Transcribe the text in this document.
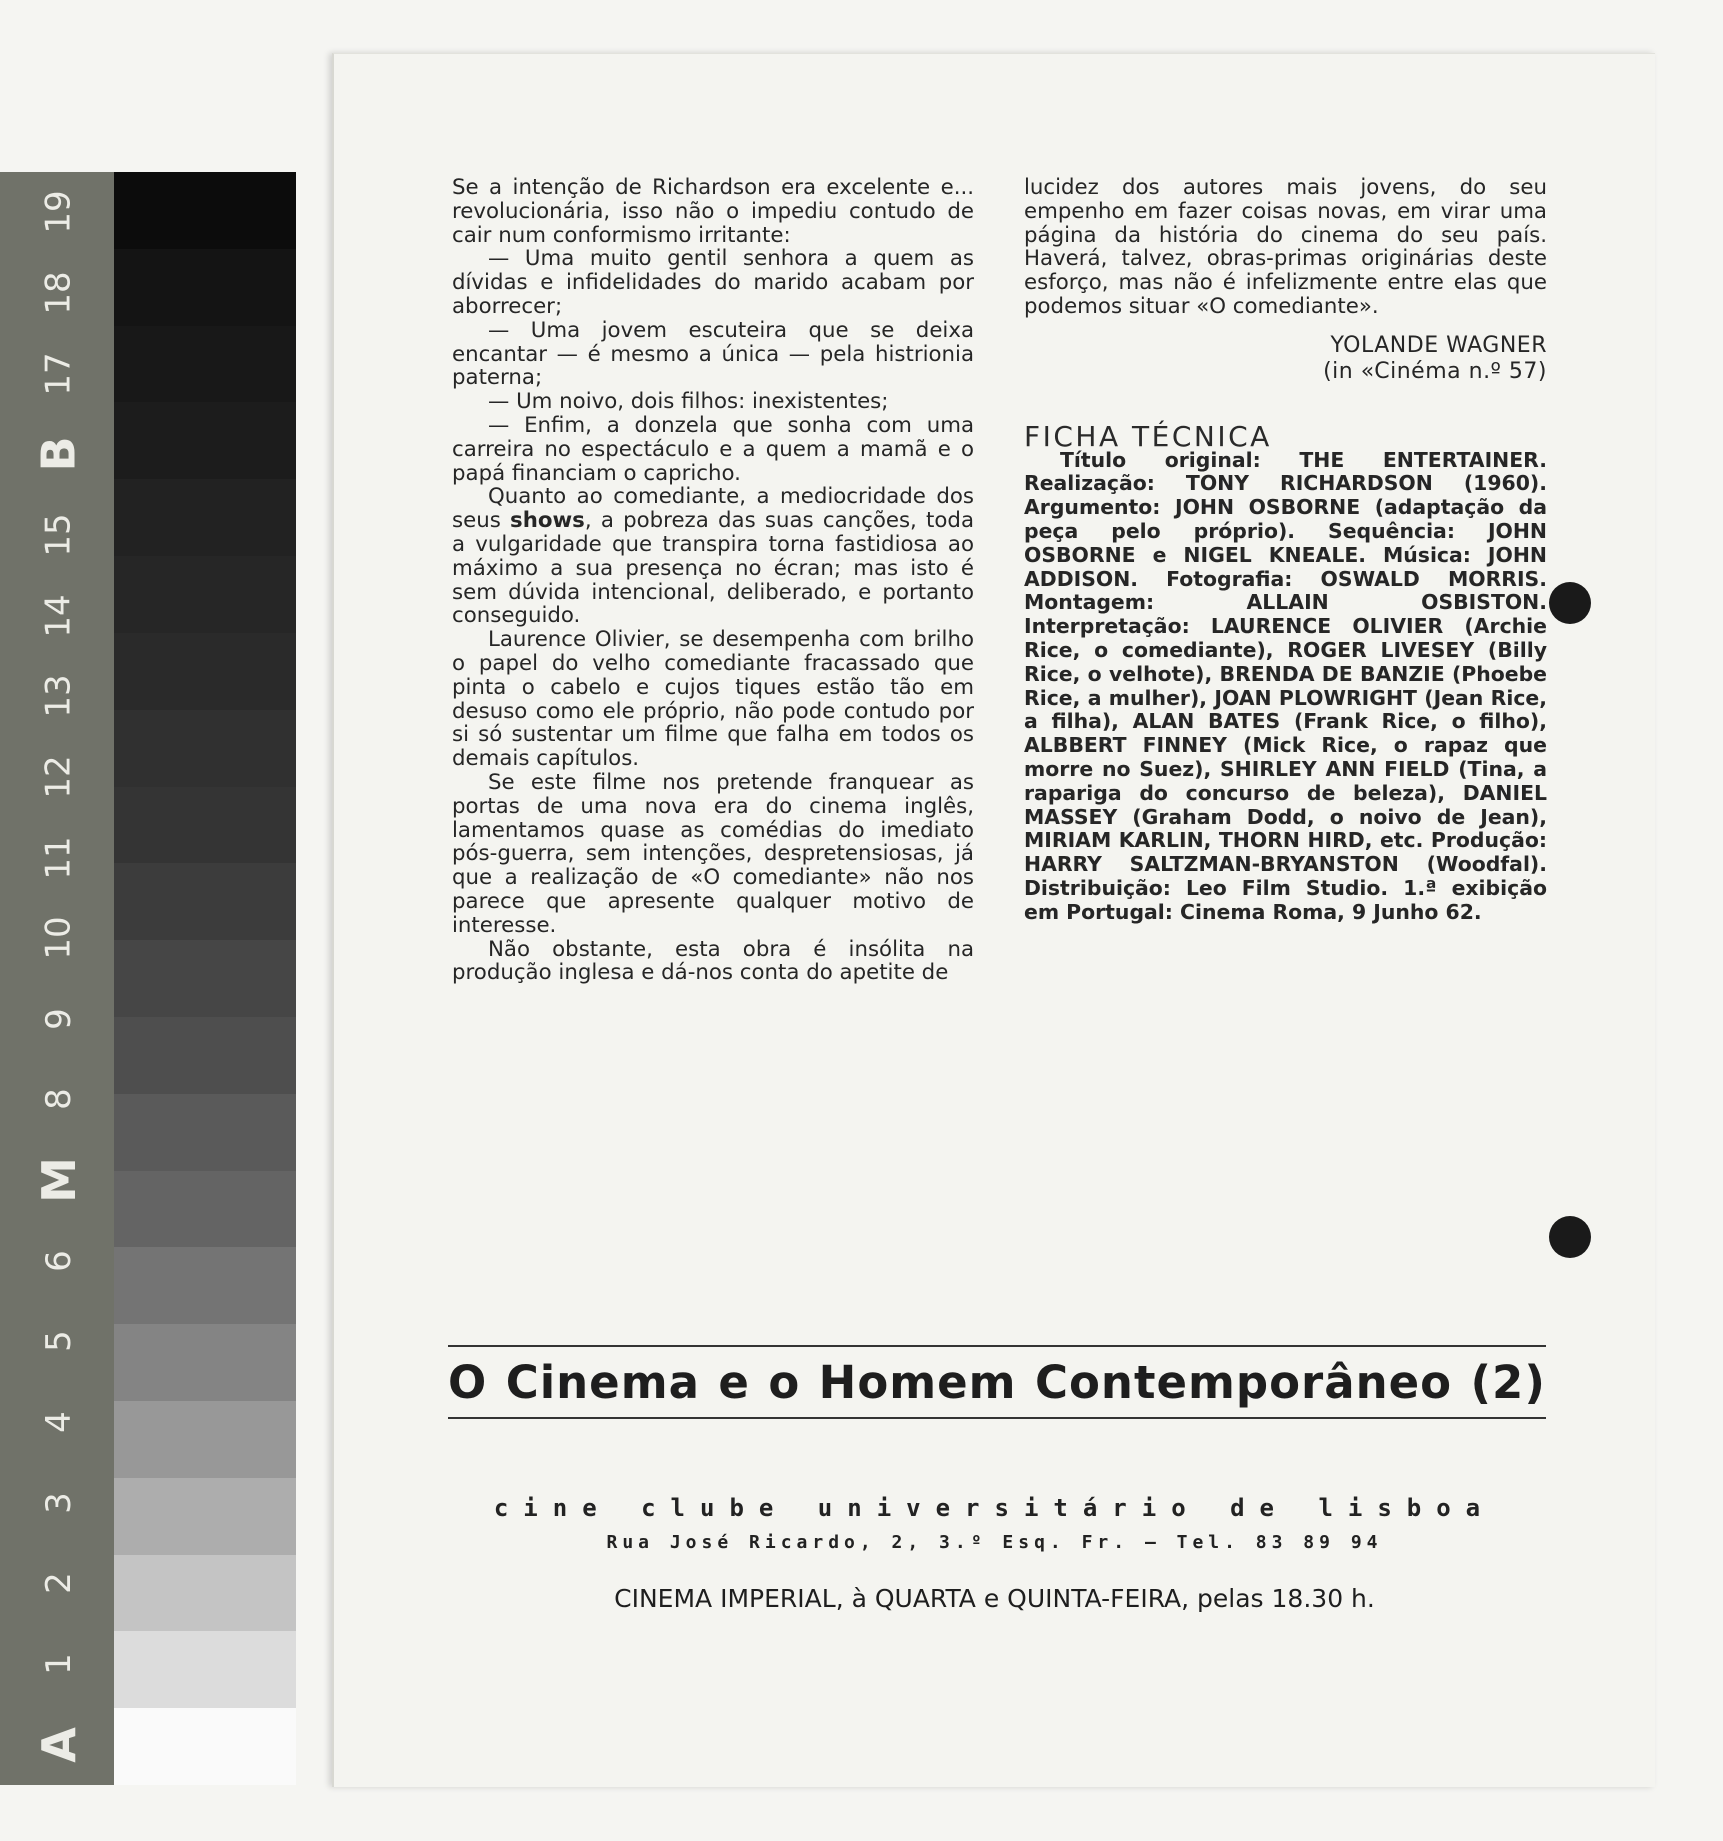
19
18
17
B
15
14
13
12
11
10
9
8
M
6
5
4
3
2
1
A

Se a intenção de Richardson era excelente e... revolucionária, isso não o impediu contudo de cair num conformismo irritante:

— Uma muito gentil senhora a quem as dívidas e infidelidades do marido acabam por aborrecer;

— Uma jovem escuteira que se deixa encantar — é mesmo a única — pela histrionia paterna;

— Um noivo, dois filhos: inexistentes;

— Enfim, a donzela que sonha com uma carreira no espectáculo e a quem a mamã e o papá financiam o capricho.

Quanto ao comediante, a mediocridade dos seus shows, a pobreza das suas canções, toda a vulgaridade que transpira torna fastidiosa ao máximo a sua presença no écran; mas isto é sem dúvida intencional, deliberado, e portanto conseguido.

Laurence Olivier, se desempenha com brilho o papel do velho comediante fracassado que pinta o cabelo e cujos tiques estão tão em desuso como ele próprio, não pode contudo por si só sustentar um filme que falha em todos os demais capítulos.

Se este filme nos pretende franquear as portas de uma nova era do cinema inglês, lamentamos quase as comédias do imediato pós-guerra, sem intenções, despretensiosas, já que a realização de «O comediante» não nos parece que apresente qualquer motivo de interesse.

Não obstante, esta obra é insólita na produção inglesa e dá-nos conta do apetite de

lucidez dos autores mais jovens, do seu empenho em fazer coisas novas, em virar uma página da história do cinema do seu país. Haverá, talvez, obras-primas originárias deste esforço, mas não é infelizmente entre elas que podemos situar «O comediante».

YOLANDE WAGNER
(in «Cinéma n.º 57)
FICHA TÉCNICA

Título original: THE ENTERTAINER. Realização: TONY RICHARDSON (1960). Argumento: JOHN OSBORNE (adaptação da peça pelo próprio). Sequência: JOHN OSBORNE e NIGEL KNEALE. Música: JOHN ADDISON. Fotografia: OSWALD MORRIS. Montagem: ALLAIN OSBISTON. Interpretação: LAURENCE OLIVIER (Archie Rice, o comediante), ROGER LIVESEY (Billy Rice, o velhote), BRENDA DE BANZIE (Phoebe Rice, a mulher), JOAN PLOWRIGHT (Jean Rice, a filha), ALAN BATES (Frank Rice, o filho), ALBBERT FINNEY (Mick Rice, o rapaz que morre no Suez), SHIRLEY ANN FIELD (Tina, a rapariga do concurso de beleza), DANIEL MASSEY (Graham Dodd, o noivo de Jean), MIRIAM KARLIN, THORN HIRD, etc. Produção: HARRY SALTZMAN-BRYANSTON (Woodfal). Distribuição: Leo Film Studio. 1.ª exibição em Portugal: Cinema Roma, 9 Junho 62.

O Cinema e o Homem Contemporâneo (2)
cine clube universitário de lisboa
Rua José Ricardo, 2, 3.º Esq. Fr. – Tel. 83 89 94
CINEMA IMPERIAL, à QUARTA e QUINTA-FEIRA, pelas 18.30 h.
